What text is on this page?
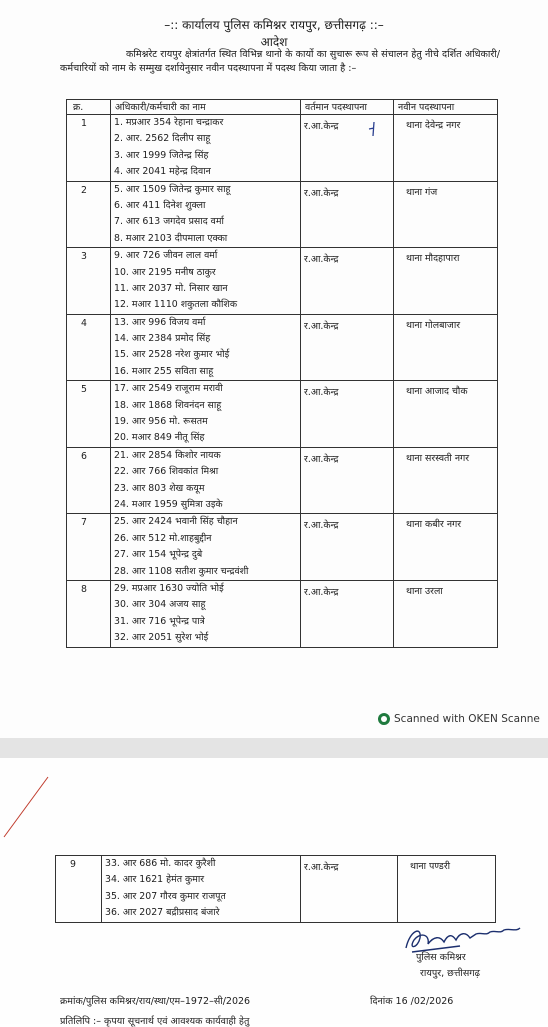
–:: कार्यालय पुलिस कमिश्नर रायपुर, छत्तीसगढ़ ::–
आदेश
कमिश्नरेट रायपुर क्षेत्रांतर्गत स्थित विभिन्न थानो के कार्यो का सुचारू रूप से संचालन हेतु नीचे दर्शित अधिकारी/कर्मचारियों को नाम के सम्मुख दर्शायेनुसार नवीन पदस्थापना में पदस्थ किया जाता है :–
Scanned with OKEN Scanne
क्र.	अधिकारी/कर्मचारी का नाम	वर्तमान पदस्थापना	नवीन पदस्थापना
1	1. मप्रआर 354 रेहाना चन्द्राकर
2. आर. 2562 दिलीप साहू
3. आर 1999 जितेन्द्र सिंह
4. आर 2041 महेन्द्र दिवान	र.आ.केन्द्र	थाना देवेन्द्र नगर
2	5. आर 1509 जितेन्द्र कुमार साहू
6. आर 411 दिनेश शुक्ला
7. आर 613 जगदेव प्रसाद वर्मा
8. मआर 2103 दीपमाला एक्का	र.आ.केन्द्र	थाना गंज
3	9. आर 726 जीवन लाल वर्मा
10. आर 2195 मनीष ठाकुर
11. आर 2037 मो. निसार खान
12. मआर 1110 शकुतला कौशिक	र.आ.केन्द्र	थाना मौदहापारा
4	13. आर 996 विजय वर्मा
14. आर 2384 प्रमोद सिंह
15. आर 2528 नरेश कुमार भोई
16. मआर 255 सविता साहू	र.आ.केन्द्र	थाना गोलबाजार
5	17. आर 2549 राजूराम मरावी
18. आर 1868 शिवनंदन साहू
19. आर 956 मो. रूसतम
20. मआर 849 नीतू सिंह	र.आ.केन्द्र	थाना आजाद चौक
6	21. आर 2854 किशोर नायक
22. आर 766 शिवकांत मिश्रा
23. आर 803 शेख कयूम
24. मआर 1959 सुमित्रा उइके	र.आ.केन्द्र	थाना सरस्वती नगर
7	25. आर 2424 भवानी सिंह चौहान
26. आर 512 मो.शाहबुद्दीन
27. आर 154 भूपेन्द्र दुबे
28. आर 1108 सतीश कुमार चन्द्रवंशी	र.आ.केन्द्र	थाना कबीर नगर
8	29. मप्रआर 1630 ज्योति भोई
30. आर 304 अजय साहू
31. आर 716 भूपेन्द्र पात्रे
32. आर 2051 सुरेश भोई	र.आ.केन्द्र	थाना उरला
9	33. आर 686 मो. कादर कुरैशी
34. आर 1621 हेमंत कुमार
35. आर 207 गौरव कुमार राजपूत
36. आर 2027 बद्रीप्रसाद बंजारे
	र.आ.केन्द्र	थाना पण्डरी
पुलिस कमिश्नर
रायपुर, छत्तीसगढ़
क्रमांक/पुलिस कमिश्नर/राय/स्था/एम–1972–सी/2026	दिनांक 16 /02/2026
प्रतिलिपि :– कृपया सूचनार्थ एवं आवश्यक कार्यवाही हेतु
